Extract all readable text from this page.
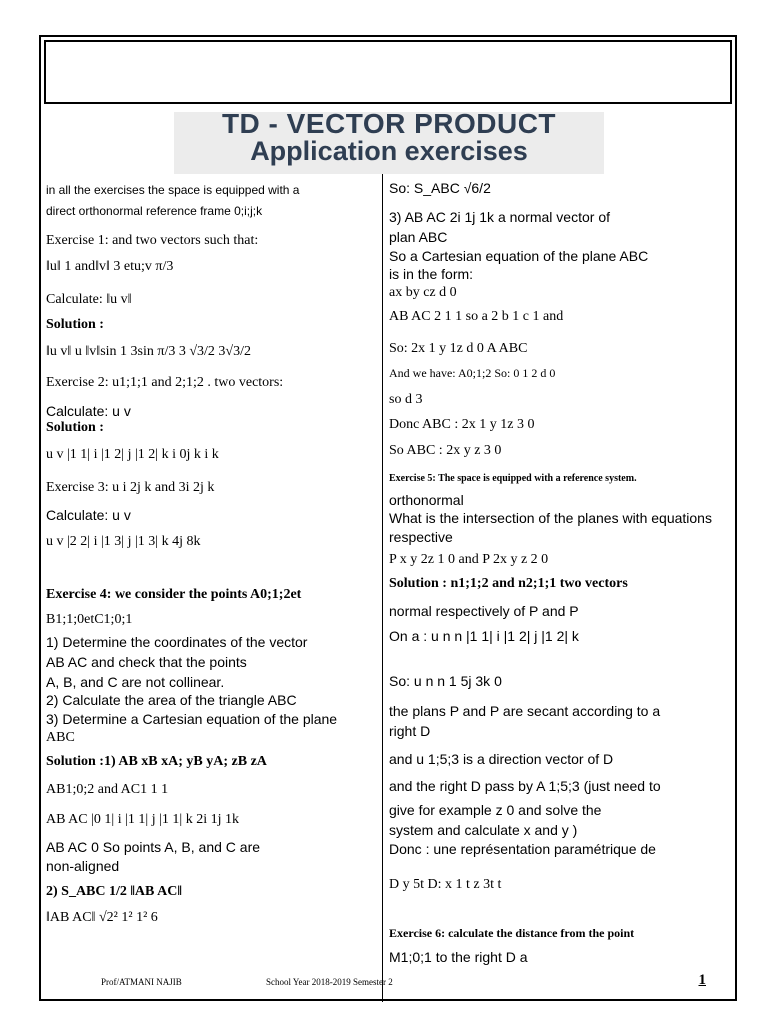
TD - VECTOR PRODUCT
Application exercises
in all the exercises the space is equipped with a
direct orthonormal reference frame 0;i;j;k
Exercise 1: and two vectors such that:
‖u‖ 1 and‖v‖ 3 etu;v π/3
Calculate: ‖u v‖
Solution :
‖u v‖ u ‖v‖sin 1 3sin π/3 3 √3/2 3√3/2
Exercise 2: u1;1;1 and 2;1;2 . two vectors:
Calculate: u v
Solution :
u v |1 1| i |1 2| j |1 2| k i 0j k i k
Exercise 3: u i 2j k and 3i 2j k
Calculate: u v
u v |2 2| i |1 3| j |1 3| k 4j 8k
Exercise 4: we consider the points A0;1;2et
B1;1;0etC1;0;1
1) Determine the coordinates of the vector
AB AC and check that the points
A, B, and C are not collinear.
2) Calculate the area of the triangle ABC
3) Determine a Cartesian equation of the plane
ABC
Solution :1) AB xB xA; yB yA; zB zA
AB1;0;2 and AC1 1 1
AB AC |0 1| i |1 1| j |1 1| k 2i 1j 1k
AB AC 0 So points A, B, and C are
non-aligned
2) S_ABC 1/2 ‖AB AC‖
‖AB AC‖ √2² 1² 1² 6
So: S_ABC √6/2
3) AB AC 2i 1j 1k a normal vector of
plan ABC
So a Cartesian equation of the plane ABC
is in the form:
ax by cz d 0
AB AC 2 1 1 so a 2 b 1 c 1 and
So: 2x 1 y 1z d 0 A ABC
And we have: A0;1;2 So: 0 1 2 d 0
so d 3
Donc ABC : 2x 1 y 1z 3 0
So ABC : 2x y z 3 0
Exercise 5: The space is equipped with a reference system.
orthonormal
What is the intersection of the planes with equations
respective
P x y 2z 1 0 and P 2x y z 2 0
Solution : n1;1;2 and n2;1;1 two vectors
normal respectively of P and P
On a : u n n |1 1| i |1 2| j |1 2| k
So: u n n 1 5j 3k 0
the plans P and P are secant according to a
right D
and u 1;5;3 is a direction vector of D
and the right D pass by A 1;5;3 (just need to
give for example z 0 and solve the
system and calculate x and y )
Donc : une représentation paramétrique de
D y 5t D: x 1 t z 3t t
Exercise 6: calculate the distance from the point
M1;0;1 to the right D a
Prof/ATMANI NAJIB	School Year 2018-2019 Semester 2	1
